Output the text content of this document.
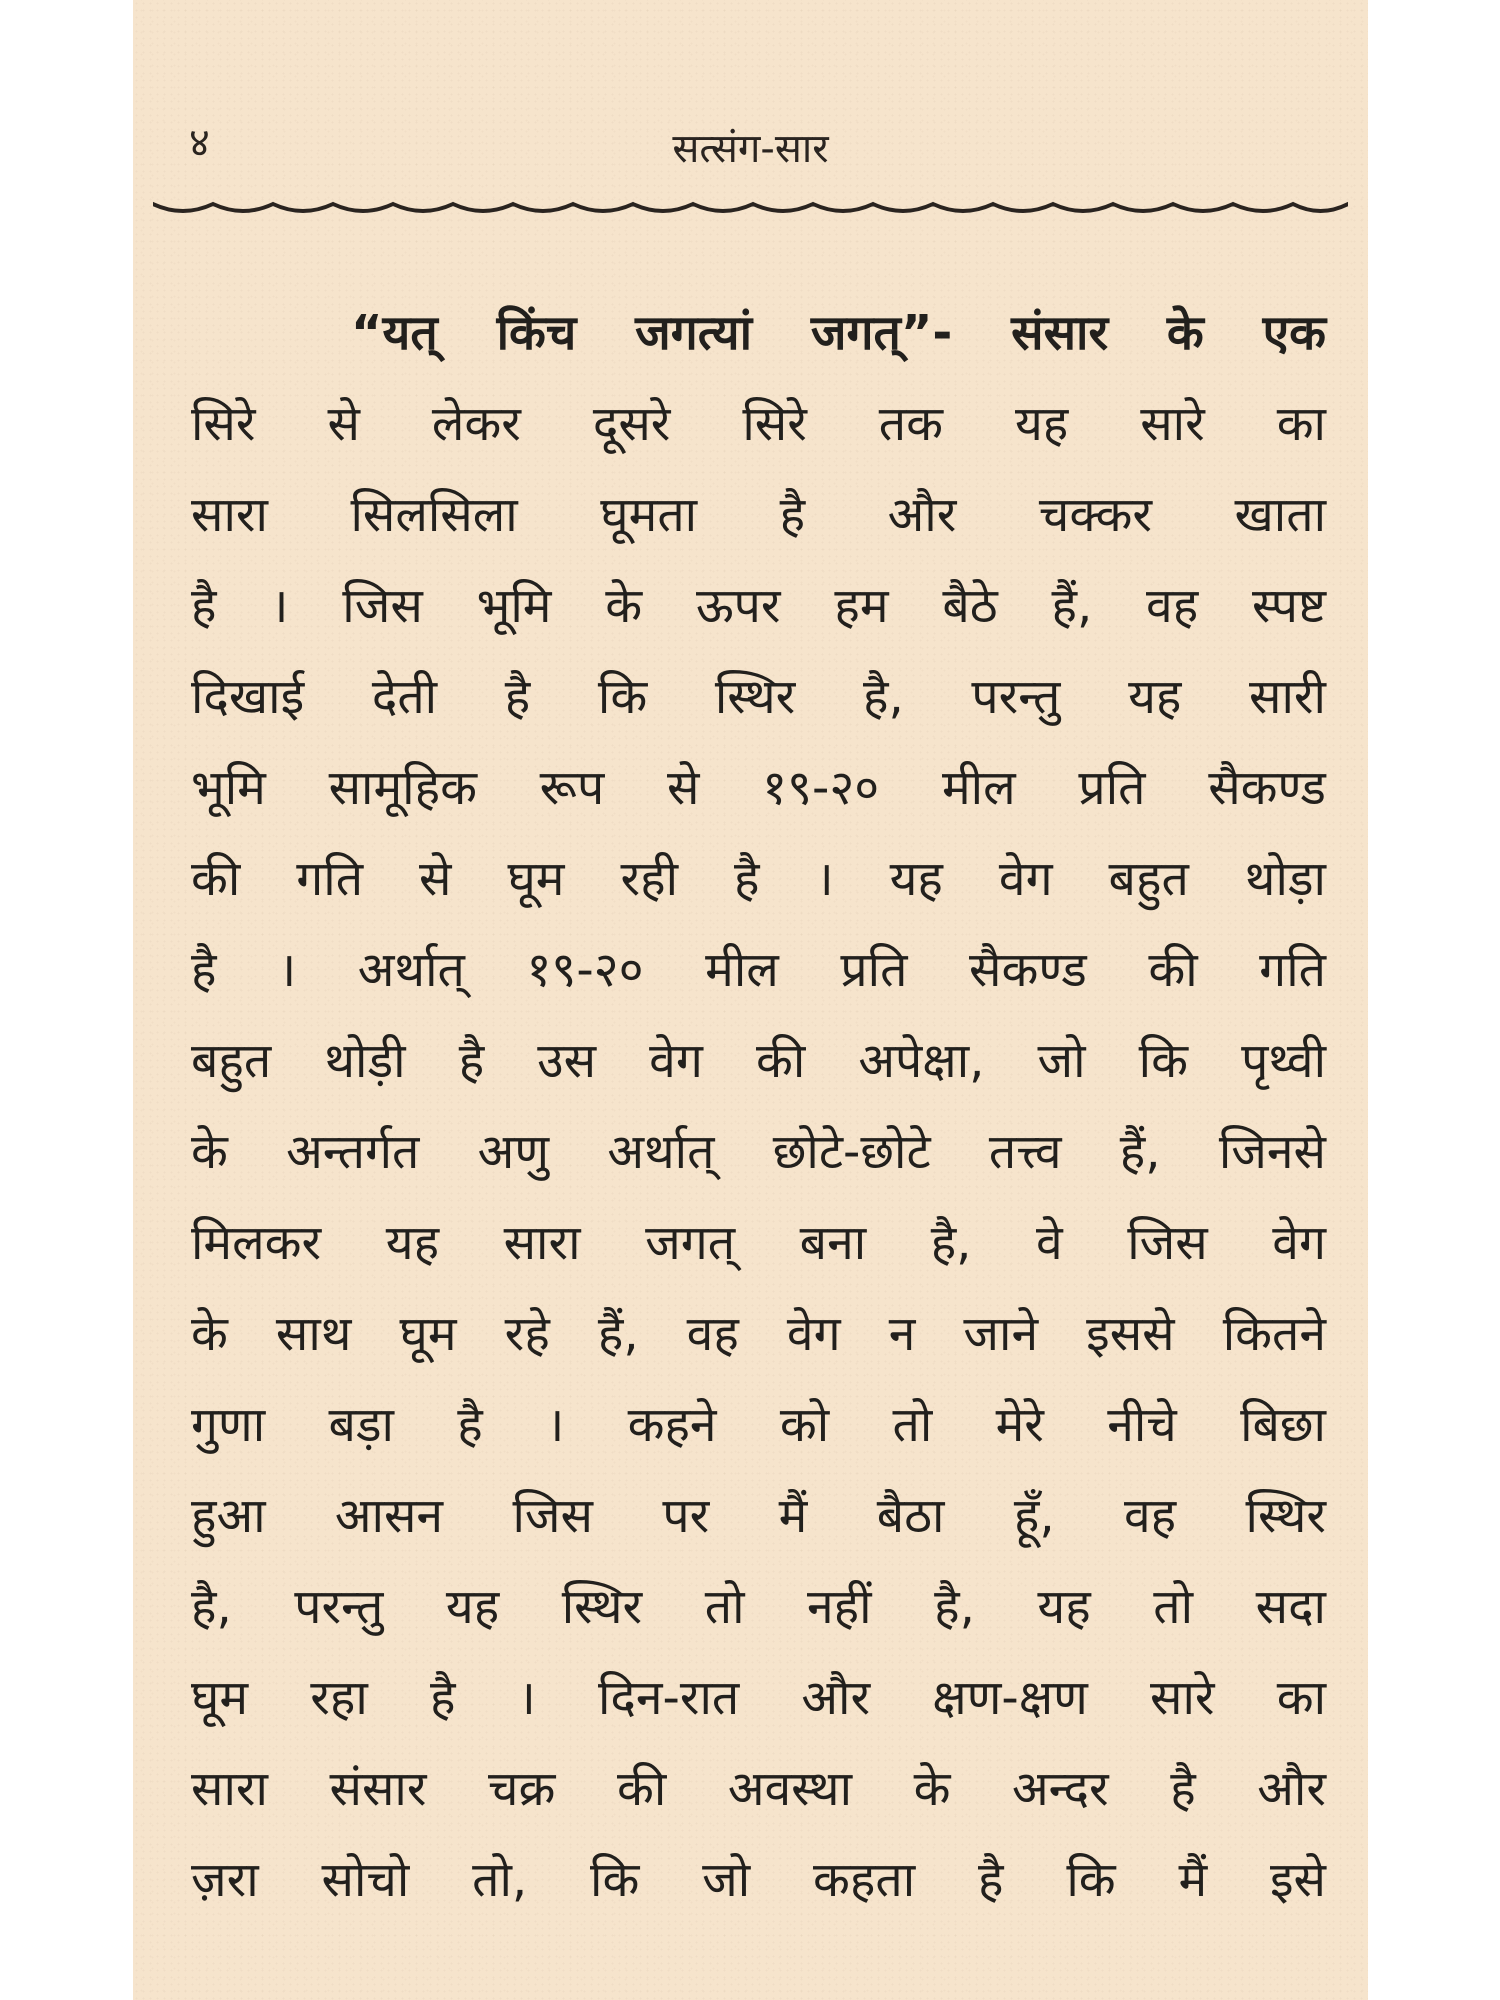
४	सत्संग-सार
“यत् किंच जगत्यां जगत्”- संसार के एक
सिरे से लेकर दूसरे सिरे तक यह सारे का
सारा सिलसिला घूमता है और चक्कर खाता
है । जिस भूमि के ऊपर हम बैठे हैं, वह स्पष्ट
दिखाई देती है कि स्थिर है, परन्तु यह सारी
भूमि सामूहिक रूप से १९-२० मील प्रति सैकण्ड
की गति से घूम रही है । यह वेग बहुत थोड़ा
है । अर्थात् १९-२० मील प्रति सैकण्ड की गति
बहुत थोड़ी है उस वेग की अपेक्षा, जो कि पृथ्वी
के अन्तर्गत अणु अर्थात् छोटे-छोटे तत्त्व हैं, जिनसे
मिलकर यह सारा जगत् बना है, वे जिस वेग
के साथ घूम रहे हैं, वह वेग न जाने इससे कितने
गुणा बड़ा है । कहने को तो मेरे नीचे बिछा
हुआ आसन जिस पर मैं बैठा हूँ, वह स्थिर
है, परन्तु यह स्थिर तो नहीं है, यह तो सदा
घूम रहा है । दिन-रात और क्षण-क्षण सारे का
सारा संसार चक्र की अवस्था के अन्दर है और
ज़रा सोचो तो, कि जो कहता है कि मैं इसे
